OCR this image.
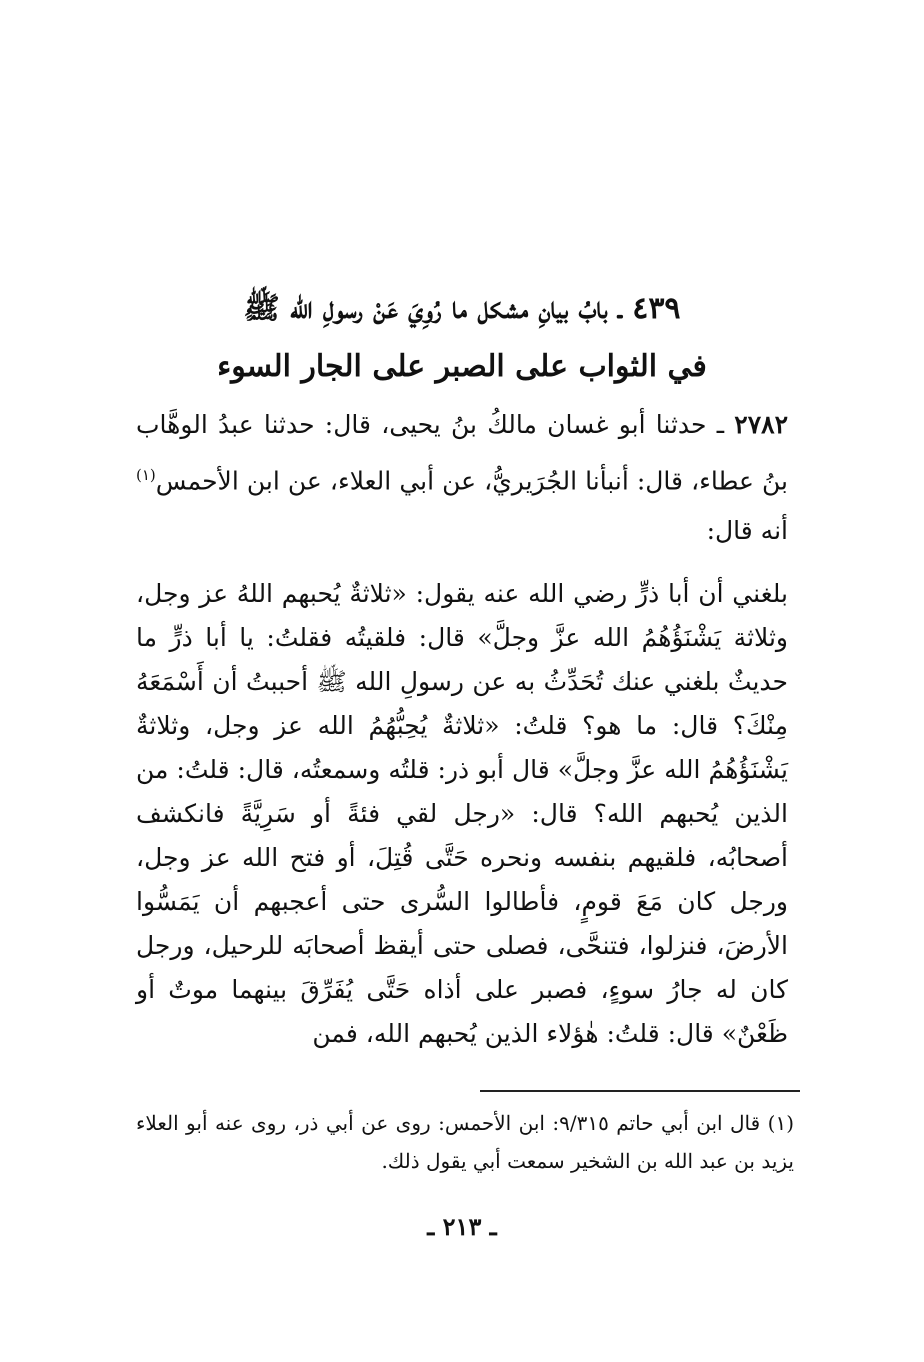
٤٣٩ ـ بابُ بيانِ مشكل ما رُوِيَ عَنْ رسولِ الله ﷺ
في الثواب على الصبر على الجار السوء
٢٧٨٢ ـ حدثنا أبو غسان مالكُ بنُ يحيى، قال: حدثنا عبدُ الوهَّاب بنُ عطاء، قال: أنبأنا الجُرَيريُّ، عن أبي العلاء، عن ابن الأحمس$^{(١)}$ أنه قال:
بلغني أن أبا ذرٍّ رضي الله عنه يقول: «ثلاثةٌ يُحبهم اللهُ عز وجل، وثلاثة يَشْنَؤُهُمُ الله عزَّ وجلَّ» قال: فلقيتُه فقلتُ: يا أبا ذرٍّ ما حديثٌ بلغني عنك تُحَدِّثُ به عن رسولِ الله ﷺ أحببتُ أن أَسْمَعَهُ مِنْكَ؟ قال: ما هو؟ قلتُ: «ثلاثةٌ يُحِبُّهُمُ الله عز وجل، وثلاثةٌ يَشْنَؤُهُمُ الله عزَّ وجلَّ» قال أبو ذر: قلتُه وسمعتُه، قال: قلتُ: من الذين يُحبهم الله؟ قال: «رجل لقي فئةً أو سَرِيَّةً فانكشف أصحابُه، فلقيهم بنفسه ونحره حَتَّى قُتِلَ، أو فتح الله عز وجل، ورجل كان مَعَ قومٍ، فأطالوا السُّرى حتى أعجبهم أن يَمَسُّوا الأرضَ، فنزلوا، فتنحَّى، فصلى حتى أيقظ أصحابَه للرحيل، ورجل كان له جارُ سوءٍ، فصبر على أذاه حَتَّى يُفَرِّقَ بينهما موتٌ أو ظَعْنٌ» قال: قلتُ: هٰؤلاء الذين يُحبهم الله، فمن
(١) قال ابن أبي حاتم ٩/٣١٥: ابن الأحمس: روى عن أبي ذر، روى عنه أبو العلاء يزيد بن عبد الله بن الشخير سمعت أبي يقول ذلك.
ـ ٢١٣ ـ
